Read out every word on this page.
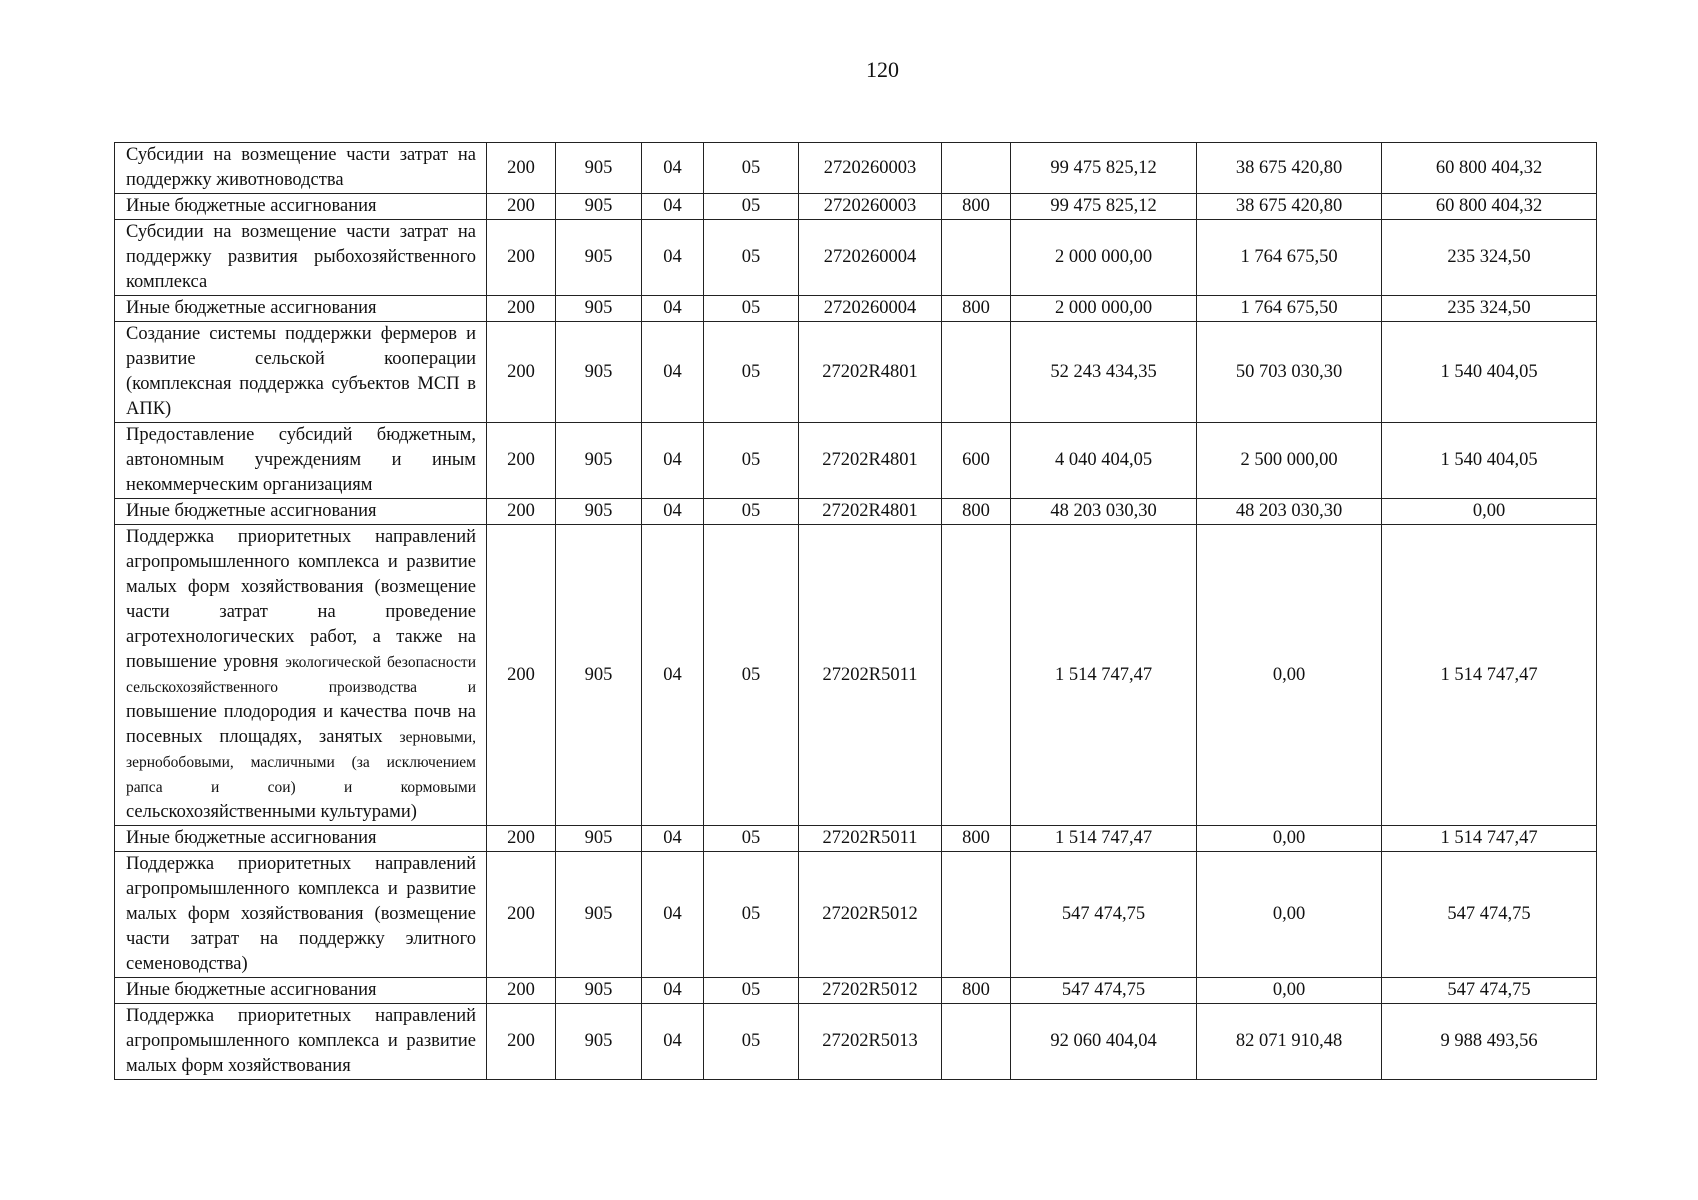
120
Субсидии на возмещение части затрат на поддержку животноводства	200	905	04	05	2720260003		99 475 825,12	38 675 420,80	60 800 404,32
Иные бюджетные ассигнования	200	905	04	05	2720260003	800	99 475 825,12	38 675 420,80	60 800 404,32
Субсидии на возмещение части затрат на поддержку развития рыбохозяйственного комплекса	200	905	04	05	2720260004		2 000 000,00	1 764 675,50	235 324,50
Иные бюджетные ассигнования	200	905	04	05	2720260004	800	2 000 000,00	1 764 675,50	235 324,50
Создание системы поддержки фермеров и развитие сельской кооперации (комплексная поддержка субъектов МСП в АПК)	200	905	04	05	27202R4801		52 243 434,35	50 703 030,30	1 540 404,05
Предоставление субсидий бюджетным, автономным учреждениям и иным некоммерческим организациям	200	905	04	05	27202R4801	600	4 040 404,05	2 500 000,00	1 540 404,05
Иные бюджетные ассигнования	200	905	04	05	27202R4801	800	48 203 030,30	48 203 030,30	0,00
Поддержка приоритетных направлений агропромышленного комплекса и развитие малых форм хозяйствования (возмещение части затрат на проведение агротехнологических работ, а также на повышение уровня экологической безопасности сельскохозяйственного производства и повышение плодородия и качества почв на посевных площадях, занятых зерновыми, зернобобовыми, масличными (за исключением рапса и сои) и кормовыми сельскохозяйственными культурами)	200	905	04	05	27202R5011		1 514 747,47	0,00	1 514 747,47
Иные бюджетные ассигнования	200	905	04	05	27202R5011	800	1 514 747,47	0,00	1 514 747,47
Поддержка приоритетных направлений агропромышленного комплекса и развитие малых форм хозяйствования (возмещение части затрат на поддержку элитного семеноводства)	200	905	04	05	27202R5012		547 474,75	0,00	547 474,75
Иные бюджетные ассигнования	200	905	04	05	27202R5012	800	547 474,75	0,00	547 474,75
Поддержка приоритетных направлений агропромышленного комплекса и развитие малых форм хозяйствования	200	905	04	05	27202R5013		92 060 404,04	82 071 910,48	9 988 493,56
